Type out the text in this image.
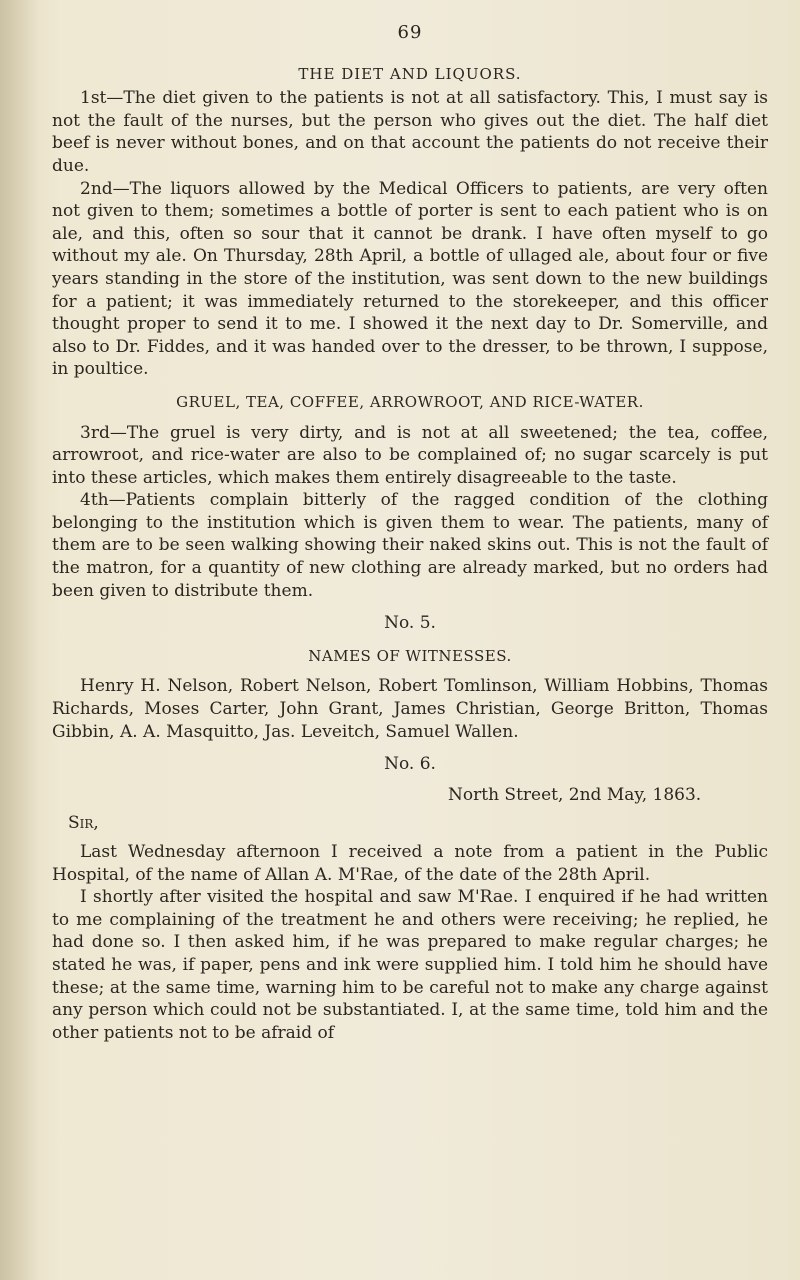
69
THE DIET AND LIQUORS.

1st—The diet given to the patients is not at all satisfactory. This, I must say is not the fault of the nurses, but the person who gives out the diet. The half diet beef is never without bones, and on that account the patients do not receive their due.

2nd—The liquors allowed by the Medical Officers to patients, are very often not given to them; sometimes a bottle of porter is sent to each patient who is on ale, and this, often so sour that it cannot be drank. I have often myself to go without my ale. On Thursday, 28th April, a bottle of ullaged ale, about four or five years standing in the store of the institution, was sent down to the new buildings for a patient; it was immediately returned to the storekeeper, and this officer thought proper to send it to me. I showed it the next day to Dr. Somerville, and also to Dr. Fiddes, and it was handed over to the dresser, to be thrown, I suppose, in poultice.

GRUEL, TEA, COFFEE, ARROWROOT, AND RICE-WATER.

3rd—The gruel is very dirty, and is not at all sweetened; the tea, coffee, arrowroot, and rice-water are also to be complained of; no sugar scarcely is put into these articles, which makes them entirely disagreeable to the taste.

4th—Patients complain bitterly of the ragged condition of the clothing belonging to the institution which is given them to wear. The patients, many of them are to be seen walking showing their naked skins out. This is not the fault of the matron, for a quantity of new clothing are already marked, but no orders had been given to distribute them.

No. 5.
NAMES OF WITNESSES.

Henry H. Nelson, Robert Nelson, Robert Tomlinson, William Hobbins, Thomas Richards, Moses Carter, John Grant, James Christian, George Britton, Thomas Gibbin, A. A. Masquitto, Jas. Leveitch, Samuel Wallen.

No. 6.
North Street, 2nd May, 1863.
Sir,

Last Wednesday afternoon I received a note from a patient in the Public Hospital, of the name of Allan A. M'Rae, of the date of the 28th April.

I shortly after visited the hospital and saw M'Rae. I enquired if he had written to me complaining of the treatment he and others were receiving; he replied, he had done so. I then asked him, if he was prepared to make regular charges; he stated he was, if paper, pens and ink were supplied him. I told him he should have these; at the same time, warning him to be careful not to make any charge against any person which could not be substantiated. I, at the same time, told him and the other patients not to be afraid of
